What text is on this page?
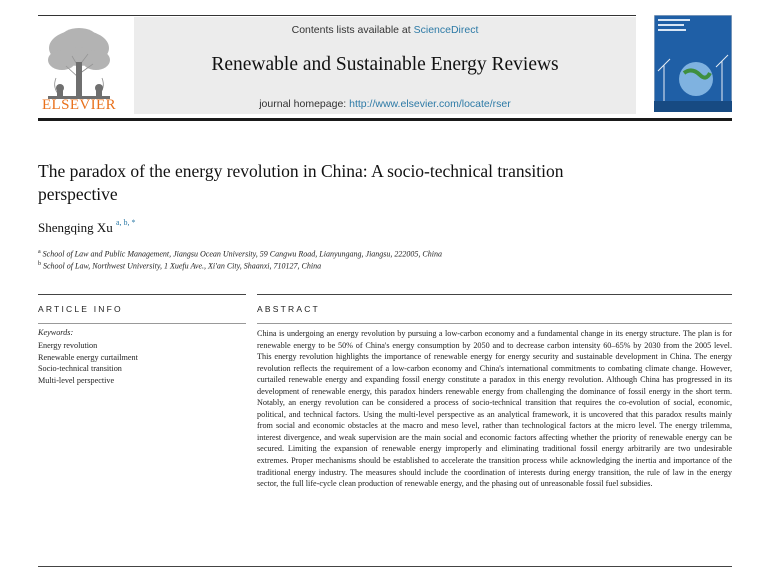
ELSEVIER
Contents lists available at ScienceDirect
Renewable and Sustainable Energy Reviews
journal homepage: http://www.elsevier.com/locate/rser
The paradox of the energy revolution in China: A socio-technical transition perspective
Shengqing Xu $^{a, b, *}$
$^a$ School of Law and Public Management, Jiangsu Ocean University, 59 Cangwu Road, Lianyungang, Jiangsu, 222005, China
$^b$ School of Law, Northwest University, 1 Xuefu Ave., Xi'an City, Shaanxi, 710127, China
ARTICLE INFO	ABSTRACT
Keywords:
Energy revolution
Renewable energy curtailment
Socio-technical transition
Multi-level perspective

China is undergoing an energy revolution by pursuing a low-carbon economy and a fundamental change in its energy structure. The plan is for renewable energy to be 50% of China's energy consumption by 2050 and to decrease carbon intensity 60–65% by 2030 from the 2005 level. This energy revolution highlights the importance of renewable energy for energy security and sustainable development in China. The energy revolution reflects the requirement of a low-carbon economy and China's international commitments to combating climate change. However, curtailed renewable energy and expanding fossil energy constitute a paradox in this energy revolution. Although China has progressed in its development of renewable energy, this paradox hinders renewable energy from challenging the dominance of fossil energy in the short term. Notably, an energy revolution can be considered a process of socio-technical transition that requires the co-evolution of social, economic, political, and technical factors. Using the multi-level perspective as an analytical framework, it is uncovered that this paradox results mainly from social and economic obstacles at the macro and meso level, rather than technological factors at the micro level. The energy trilemma, interest divergence, and weak supervision are the main social and economic factors affecting whether the priority of renewable energy can be secured. Limiting the expansion of renewable energy improperly and eliminating traditional fossil energy arbitrarily are two undesirable extremes. Proper mechanisms should be established to accelerate the transition process while acknowledging the inertia and importance of the traditional energy industry. The measures should include the coordination of interests during energy transition, the rule of law in the energy sector, the full life-cycle clean production of renewable energy, and the phasing out of unreasonable fossil fuel subsidies.
